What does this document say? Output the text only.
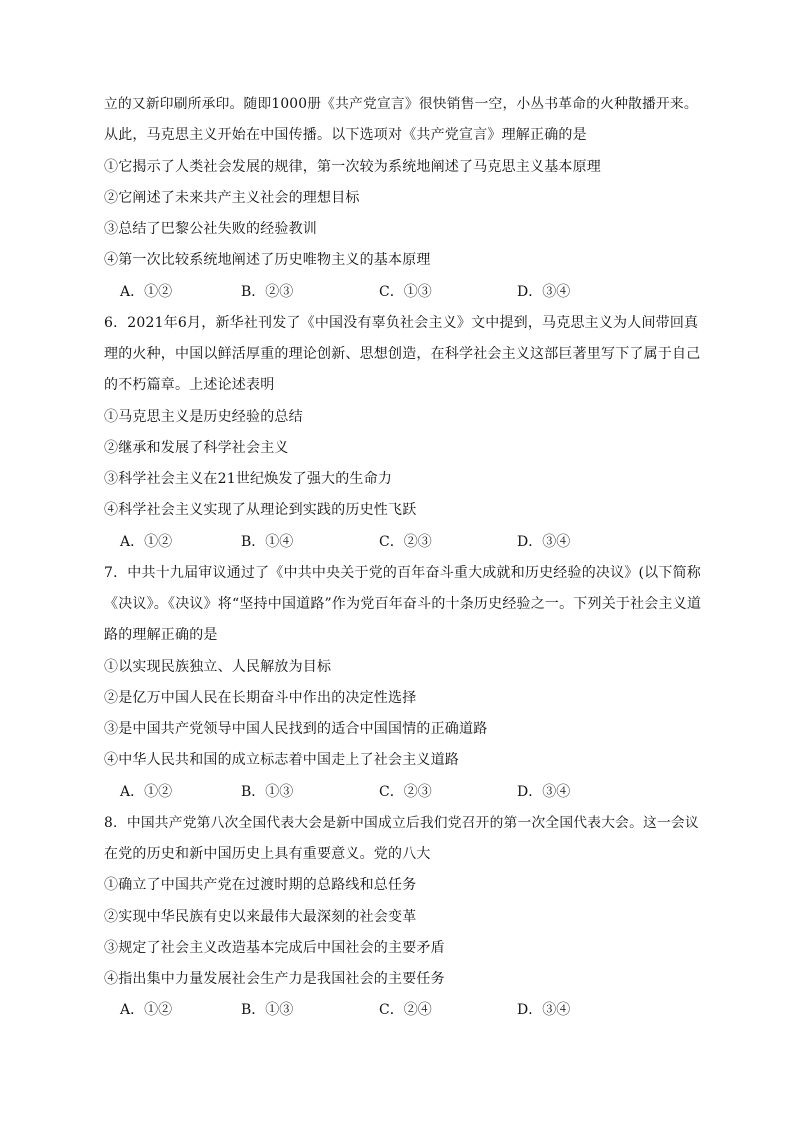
立的又新印刷所承印。随即1000册《共产党宣言》很快销售一空，小丛书革命的火种散播开来。
从此，马克思主义开始在中国传播。以下选项对《共产党宣言》理解正确的是
①它揭示了人类社会发展的规律，第一次较为系统地阐述了马克思主义基本原理
②它阐述了未来共产主义社会的理想目标
③总结了巴黎公社失败的经验教训
④第一次比较系统地阐述了历史唯物主义的基本原理
A．①②	B．②③	C．①③	D．③④
6．2021年6月，新华社刊发了《中国没有辜负社会主义》文中提到，马克思主义为人间带回真
理的火种，中国以鲜活厚重的理论创新、思想创造，在科学社会主义这部巨著里写下了属于自己
的不朽篇章。上述论述表明
①马克思主义是历史经验的总结
②继承和发展了科学社会主义
③科学社会主义在21世纪焕发了强大的生命力
④科学社会主义实现了从理论到实践的历史性飞跃
A．①②	B．①④	C．②③	D．③④
7．中共十九届审议通过了《中共中央关于党的百年奋斗重大成就和历史经验的决议》(以下简称
《决议》。《决议》将“坚持中国道路”作为党百年奋斗的十条历史经验之一。下列关于社会主义道
路的理解正确的是
①以实现民族独立、人民解放为目标
②是亿万中国人民在长期奋斗中作出的决定性选择
③是中国共产党领导中国人民找到的适合中国国情的正确道路
④中华人民共和国的成立标志着中国走上了社会主义道路
A．①②	B．①③	C．②③	D．③④
8．中国共产党第八次全国代表大会是新中国成立后我们党召开的第一次全国代表大会。这一会议
在党的历史和新中国历史上具有重要意义。党的八大
①确立了中国共产党在过渡时期的总路线和总任务
②实现中华民族有史以来最伟大最深刻的社会变革
③规定了社会主义改造基本完成后中国社会的主要矛盾
④指出集中力量发展社会生产力是我国社会的主要任务
A．①②	B．①③	C．②④	D．③④
